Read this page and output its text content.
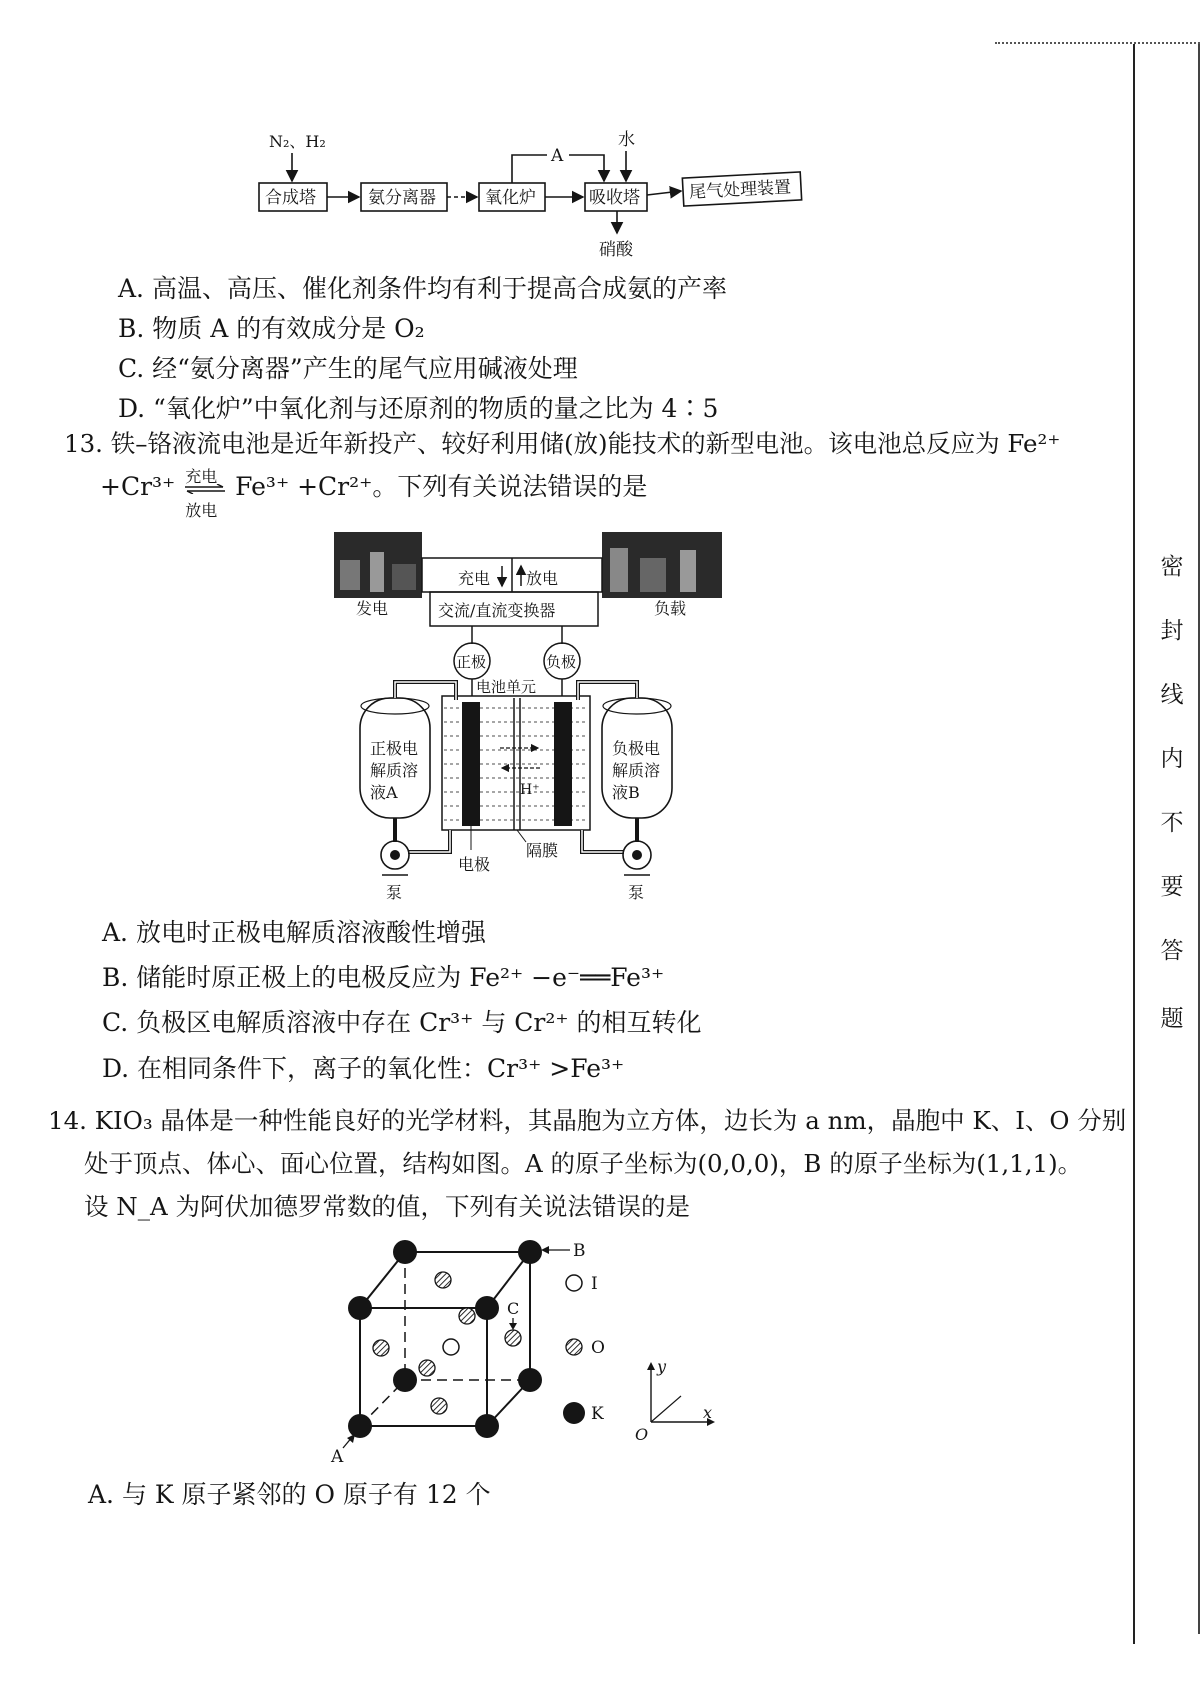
N₂、H₂
合成塔	氨分离器	氧化炉	吸收塔	尾气处理装置
A
水
硝酸
A. 高温、高压、催化剂条件均有利于提高合成氨的产率
B. 物质 A 的有效成分是 O₂
C. 经“氨分离器”产生的尾气应用碱液处理
D. “氧化炉”中氧化剂与还原剂的物质的量之比为 4∶5
13. 铁–铬液流电池是近年新投产、较好利用储(放)能技术的新型电池。该电池总反应为 Fe²⁺
+Cr³⁺ 充电
放电
Fe³⁺ +Cr²⁺。下列有关说法错误的是
发电	负载
充电 放电
交流/直流变换器
正极	负极
电池单元
H⁺
正极电
解质溶
液A
负极电
解质溶
液B
泵	泵
电极
隔膜
A. 放电时正极电解质溶液酸性增强
B. 储能时原正极上的电极反应为 Fe²⁺ −e⁻══Fe³⁺
C. 负极区电解质溶液中存在 Cr³⁺ 与 Cr²⁺ 的相互转化
D. 在相同条件下，离子的氧化性：Cr³⁺ >Fe³⁺
14. KIO₃ 晶体是一种性能良好的光学材料，其晶胞为立方体，边长为 a nm，晶胞中 K、I、O 分别
处于顶点、体心、面心位置，结构如图。A 的原子坐标为(0,0,0)，B 的原子坐标为(1,1,1)。
设 N_A 为阿伏加德罗常数的值，下列有关说法错误的是
B
C
A
I
O
K
y
x
O
A. 与 K 原子紧邻的 O 原子有 12 个
密
封
线
内
不
要
答
题
